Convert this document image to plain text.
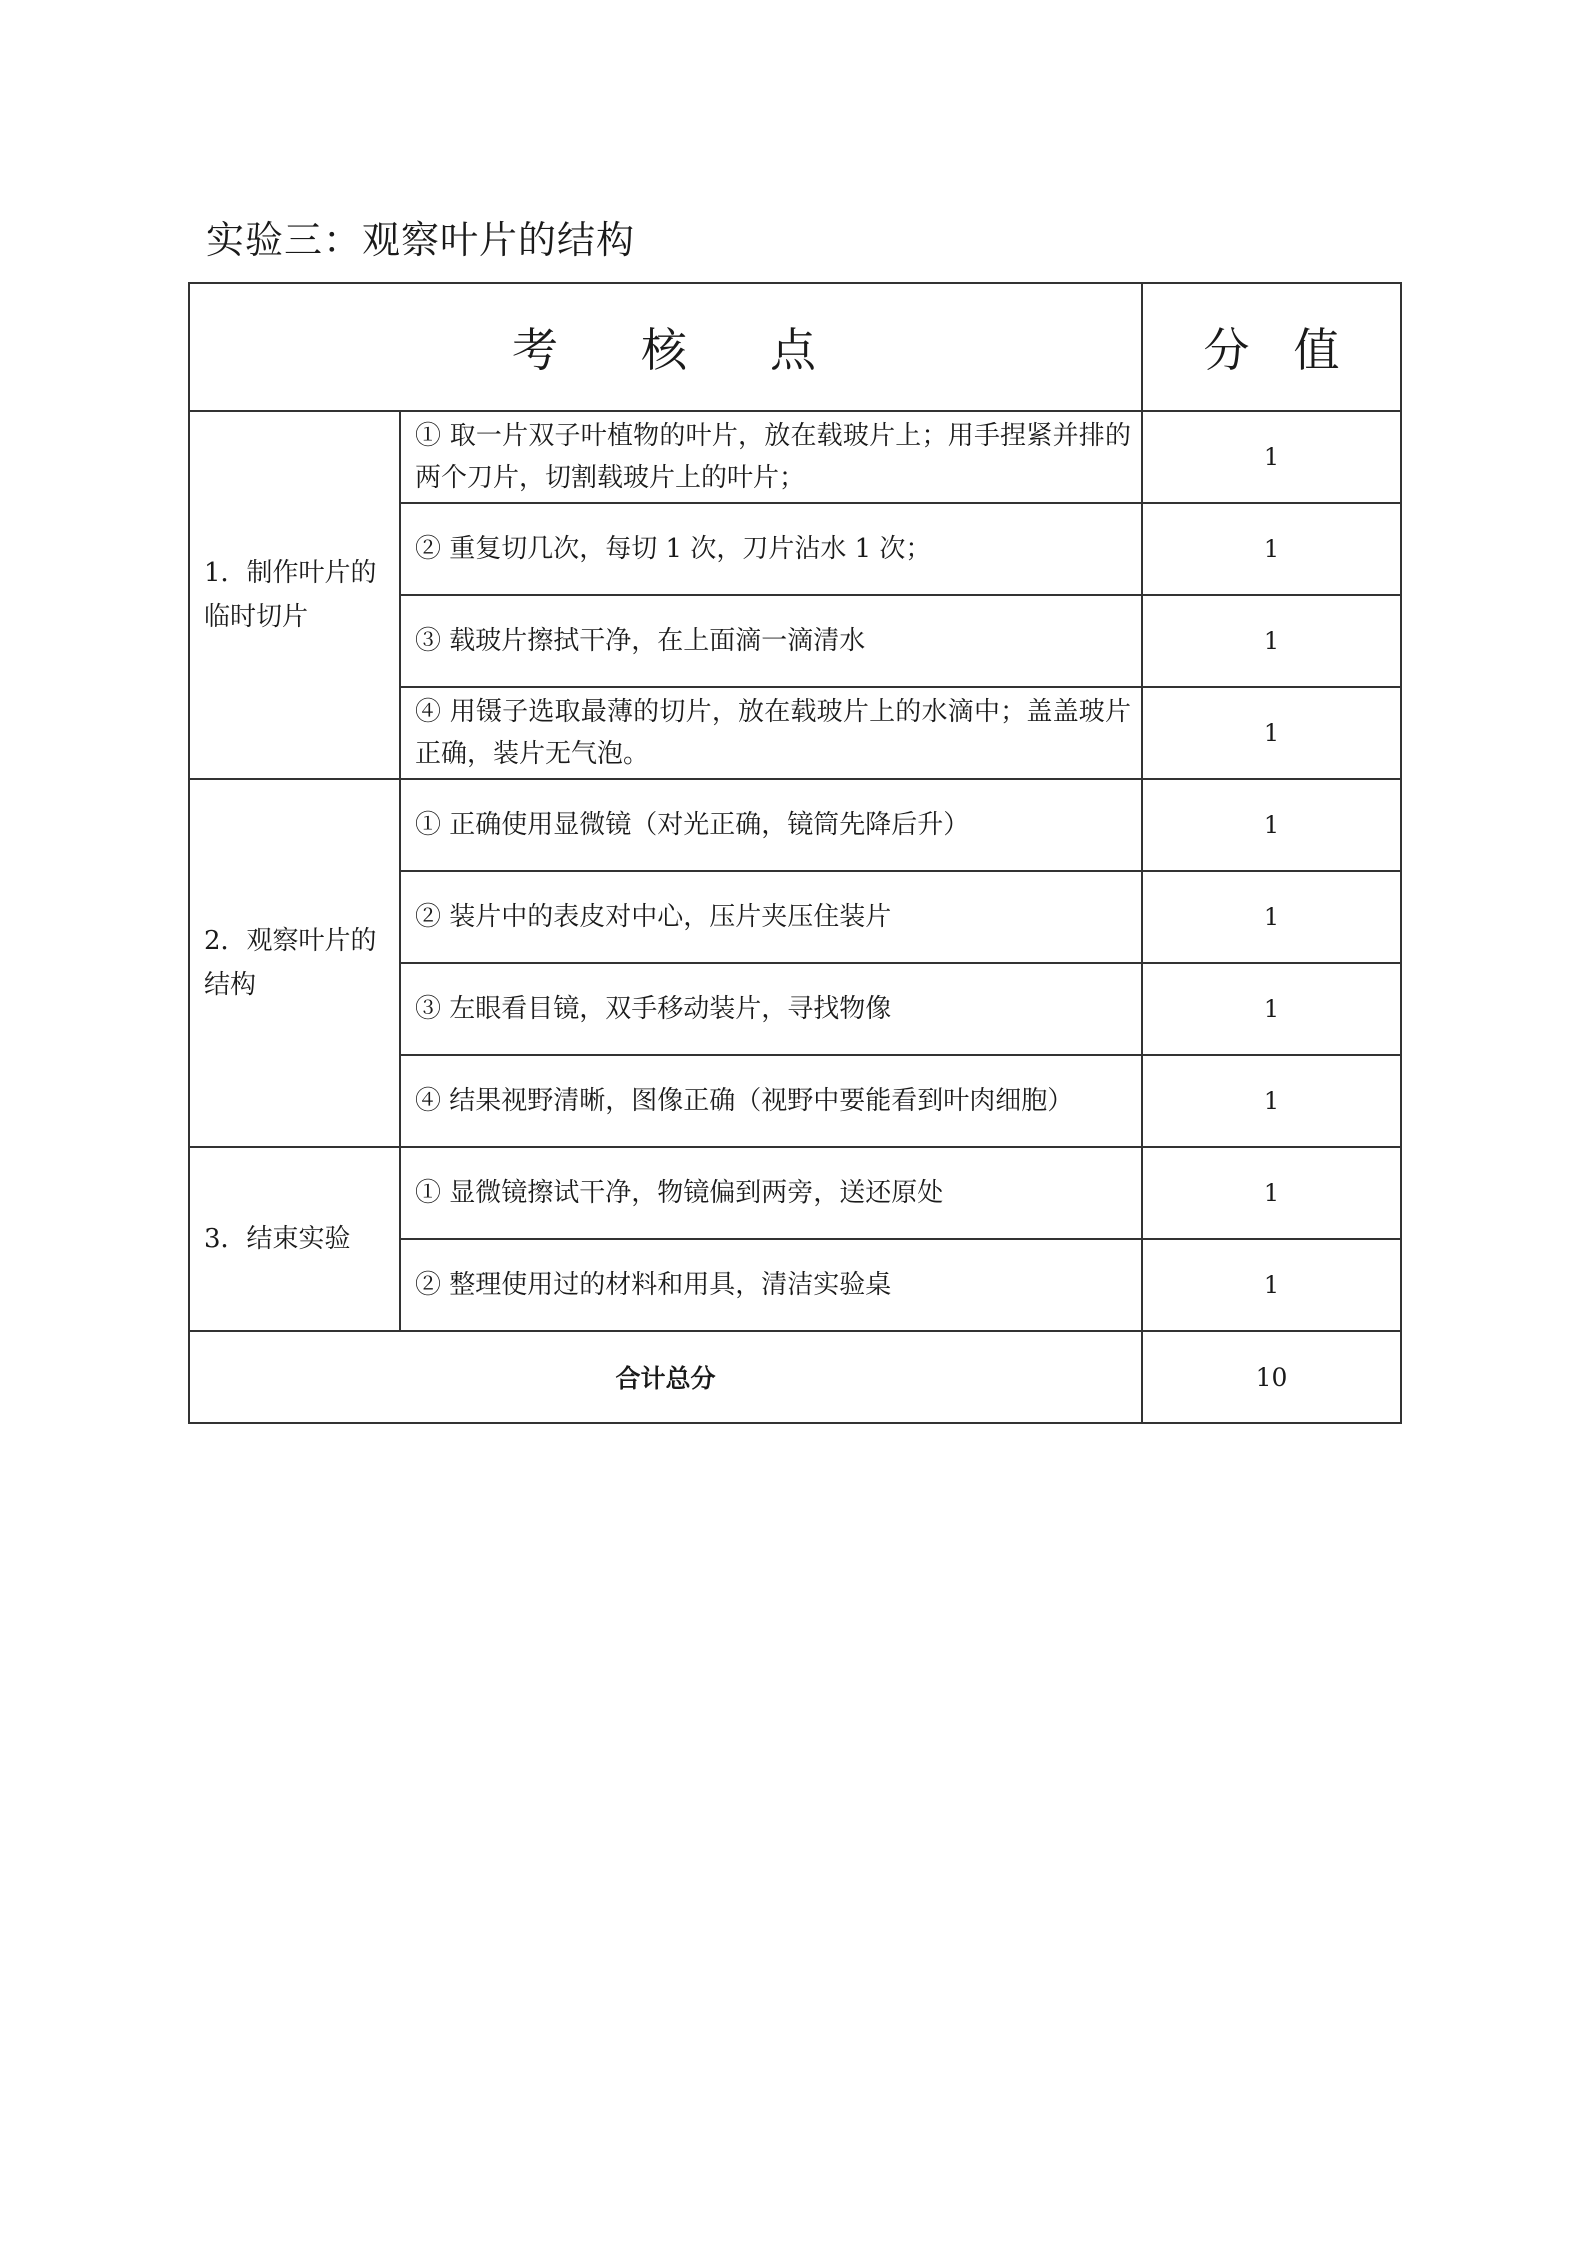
实验三：观察叶片的结构
考 核 点		分 值
1．制作叶片的临时切片	① 取一片双子叶植物的叶片，放在载玻片上；用手捏紧并排的两个刀片，切割载玻片上的叶片；	1
	② 重复切几次，每切 1 次，刀片沾水 1 次；	1
	③ 载玻片擦拭干净，在上面滴一滴清水	1
	④ 用镊子选取最薄的切片，放在载玻片上的水滴中；盖盖玻片正确，装片无气泡。	1
2．观察叶片的结构	① 正确使用显微镜（对光正确，镜筒先降后升）	1
	② 装片中的表皮对中心，压片夹压住装片	1
	③ 左眼看目镜，双手移动装片，寻找物像	1
	④ 结果视野清晰，图像正确（视野中要能看到叶肉细胞）	1
3．结束实验	① 显微镜擦试干净，物镜偏到两旁，送还原处	1
	② 整理使用过的材料和用具，清洁实验桌	1
合计总分		10
